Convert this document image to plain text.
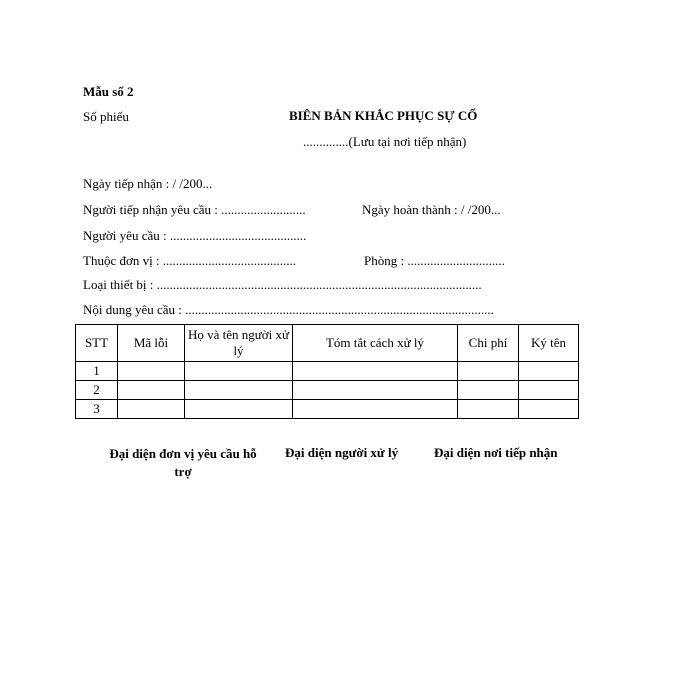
Mẫu số 2
Số phiếu	BIÊN BẢN KHẮC PHỤC SỰ CỐ
..............(Lưu tại nơi tiếp nhận)
Ngày tiếp nhận : / /200...
Người tiếp nhận yêu cầu : ..........................	Ngày hoàn thành : / /200...
Người yêu cầu : ..........................................
Thuộc đơn vị : .........................................	Phòng : ..............................
Loại thiết bị : ....................................................................................................
Nội dung yêu cầu : ...............................................................................................
STT	Mã lỗi	Họ và tên người xử lý	Tóm tắt cách xử lý	Chi phí	Ký tên
1					
2					
3					
Đại diện đơn vị yêu cầu hỗ
trợ
Đại diện người xử lý	Đại diện nơi tiếp nhận
